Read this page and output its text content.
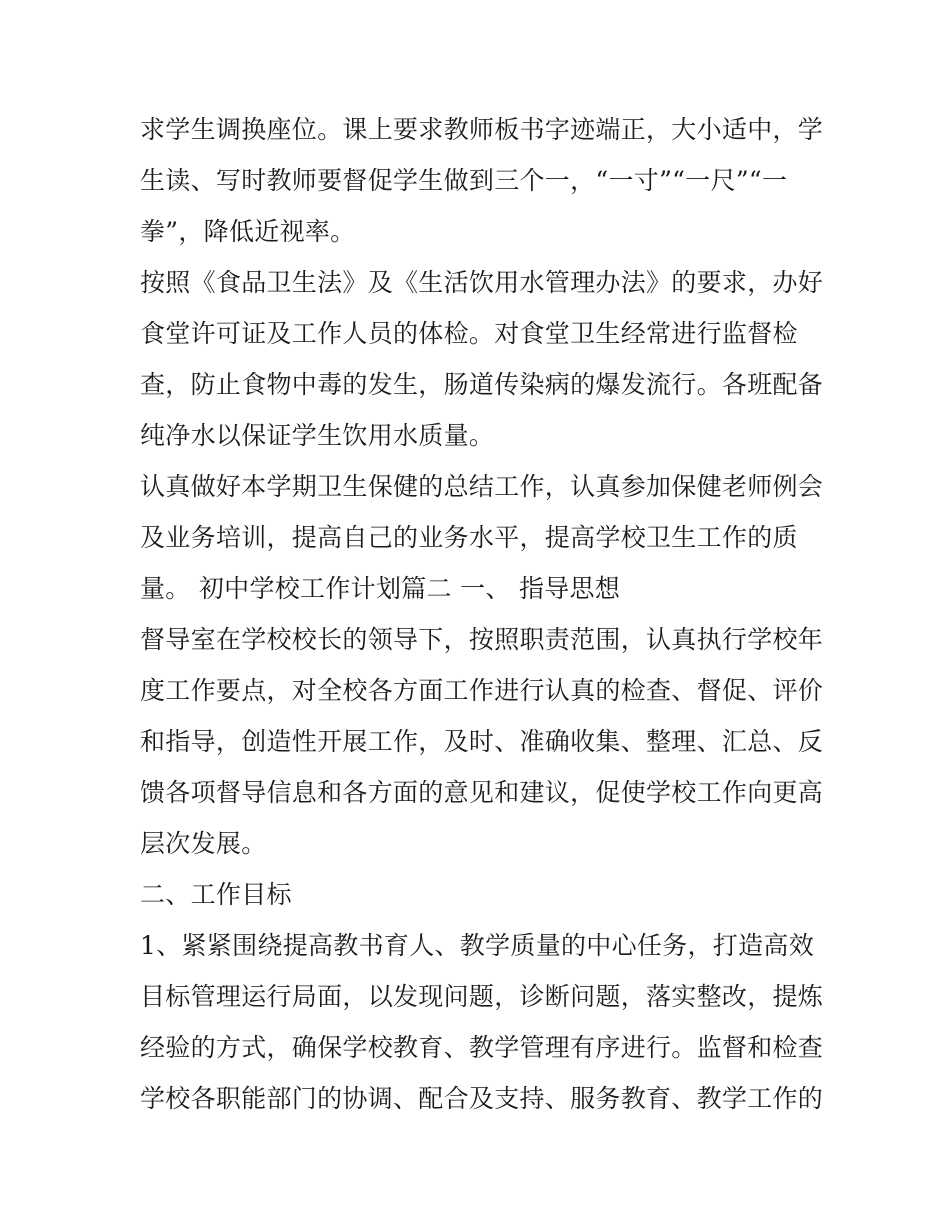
求学生调换座位。课上要求教师板书字迹端正，大小适中，学
生读、写时教师要督促学生做到三个一，“一寸”“一尺”“一
拳”，降低近视率。
按照《食品卫生法》及《生活饮用水管理办法》的要求，办好
食堂许可证及工作人员的体检。对食堂卫生经常进行监督检
查，防止食物中毒的发生，肠道传染病的爆发流行。各班配备
纯净水以保证学生饮用水质量。
认真做好本学期卫生保健的总结工作，认真参加保健老师例会
及业务培训，提高自己的业务水平，提高学校卫生工作的质
量。 初中学校工作计划篇二 一、 指导思想
督导室在学校校长的领导下，按照职责范围，认真执行学校年
度工作要点，对全校各方面工作进行认真的检查、督促、评价
和指导，创造性开展工作，及时、准确收集、整理、汇总、反
馈各项督导信息和各方面的意见和建议，促使学校工作向更高
层次发展。
二、工作目标
1、紧紧围绕提高教书育人、教学质量的中心任务，打造高效
目标管理运行局面，以发现问题，诊断问题，落实整改，提炼
经验的方式，确保学校教育、教学管理有序进行。监督和检查
学校各职能部门的协调、配合及支持、服务教育、教学工作的
